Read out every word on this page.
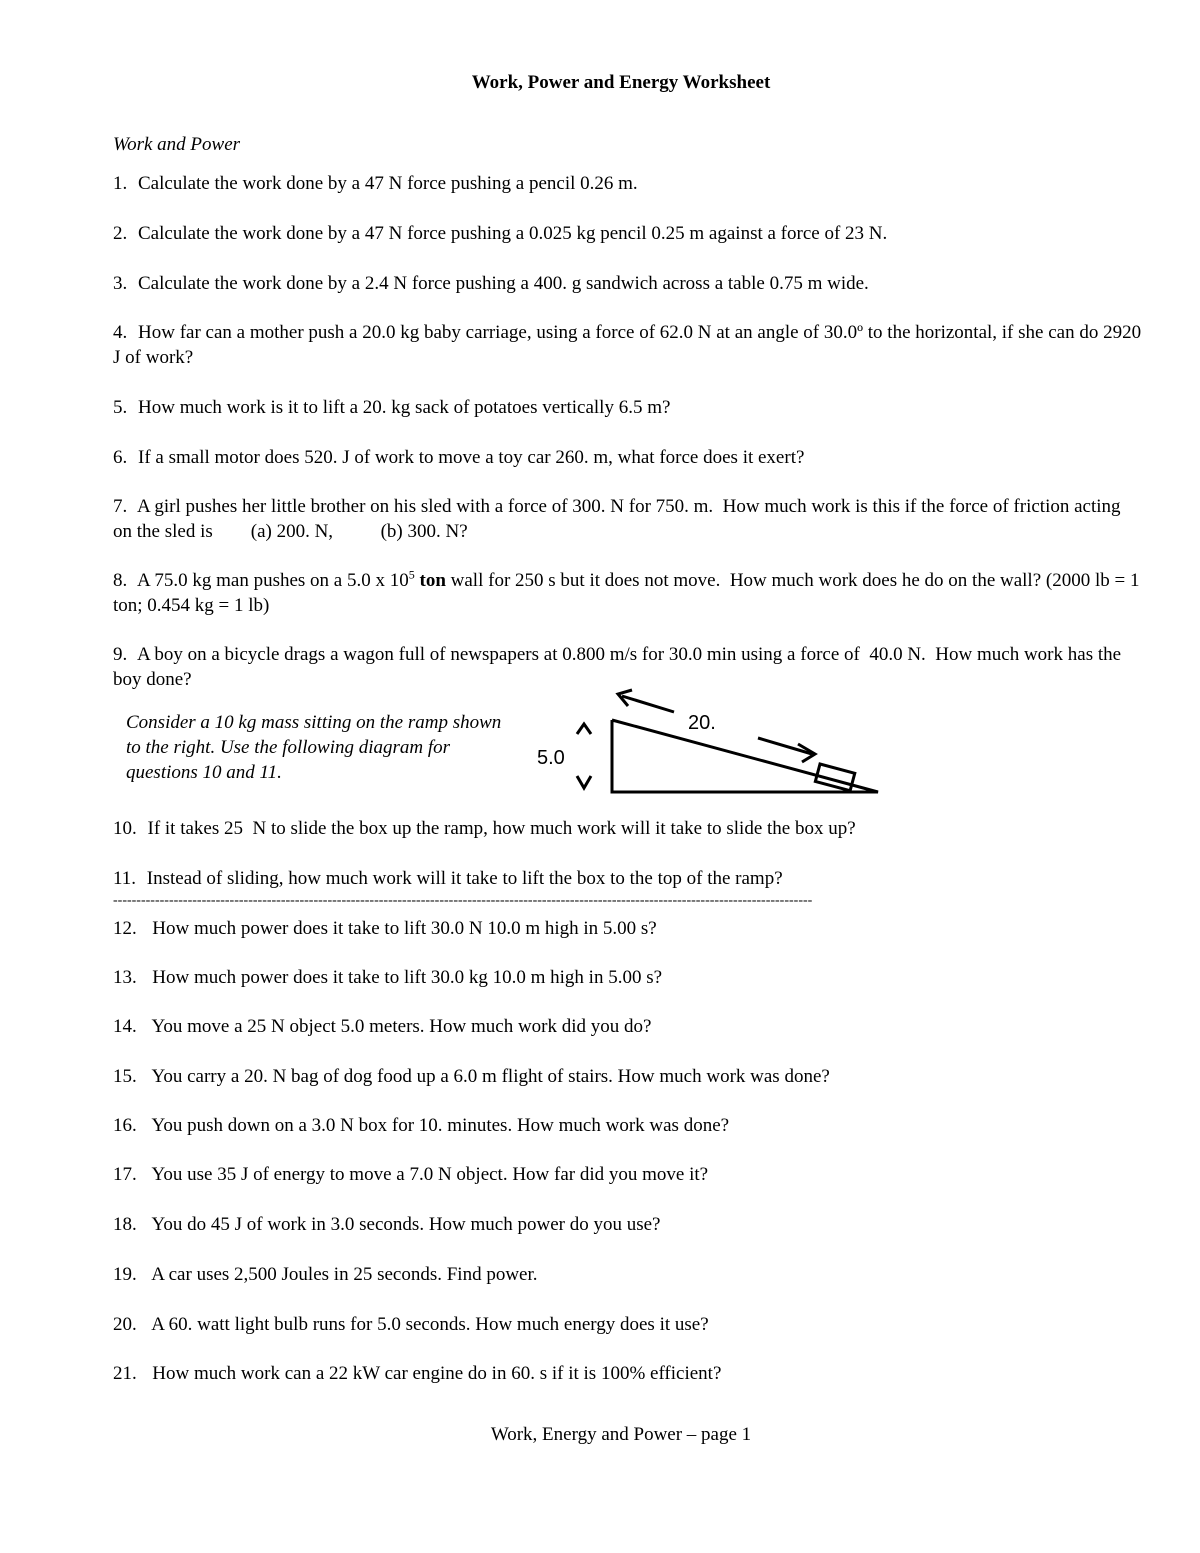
Work, Power and Energy Worksheet
Work and Power
1. Calculate the work done by a 47 N force pushing a pencil 0.26 m.
2. Calculate the work done by a 47 N force pushing a 0.025 kg pencil 0.25 m against a force of 23 N.
3. Calculate the work done by a 2.4 N force pushing a 400. g sandwich across a table 0.75 m wide.
4. How far can a mother push a 20.0 kg baby carriage, using a force of 62.0 N at an angle of 30.0º to the horizontal, if she can do 2920 J of work?
5. How much work is it to lift a 20. kg sack of potatoes vertically 6.5 m?
6. If a small motor does 520. J of work to move a toy car 260. m, what force does it exert?
7. A girl pushes her little brother on his sled with a force of 300. N for 750. m.  How much work is this if the force of friction acting on the sled is (a) 200. N,	(b) 300. N?
8. A 75.0 kg man pushes on a 5.0 x $10^5$ ton wall for 250 s but it does not move.  How much work does he do on the wall? (2000 lb = 1 ton; 0.454 kg = 1 lb)
9. A boy on a bicycle drags a wagon full of newspapers at 0.800 m/s for 30.0 min using a force of  40.0 N.  How much work has the boy done?
Consider a 10 kg mass sitting on the ramp shown to the right. Use the following diagram for questions 10 and 11.
20.
5.0
10. If it takes 25  N to slide the box up the ramp, how much work will it take to slide the box up?
11. Instead of sliding, how much work will it take to lift the box to the top of the ramp?
------------------------------------------------------------------------------------------------------------------------------------------------------
12. How much power does it take to lift 30.0 N 10.0 m high in 5.00 s?
13. How much power does it take to lift 30.0 kg 10.0 m high in 5.00 s?
14. You move a 25 N object 5.0 meters. How much work did you do?
15. You carry a 20. N bag of dog food up a 6.0 m flight of stairs. How much work was done?
16. You push down on a 3.0 N box for 10. minutes. How much work was done?
17. You use 35 J of energy to move a 7.0 N object. How far did you move it?
18. You do 45 J of work in 3.0 seconds. How much power do you use?
19. A car uses 2,500 Joules in 25 seconds. Find power.
20. A 60. watt light bulb runs for 5.0 seconds. How much energy does it use?
21. How much work can a 22 kW car engine do in 60. s if it is 100% efficient?
Work, Energy and Power – page 1
